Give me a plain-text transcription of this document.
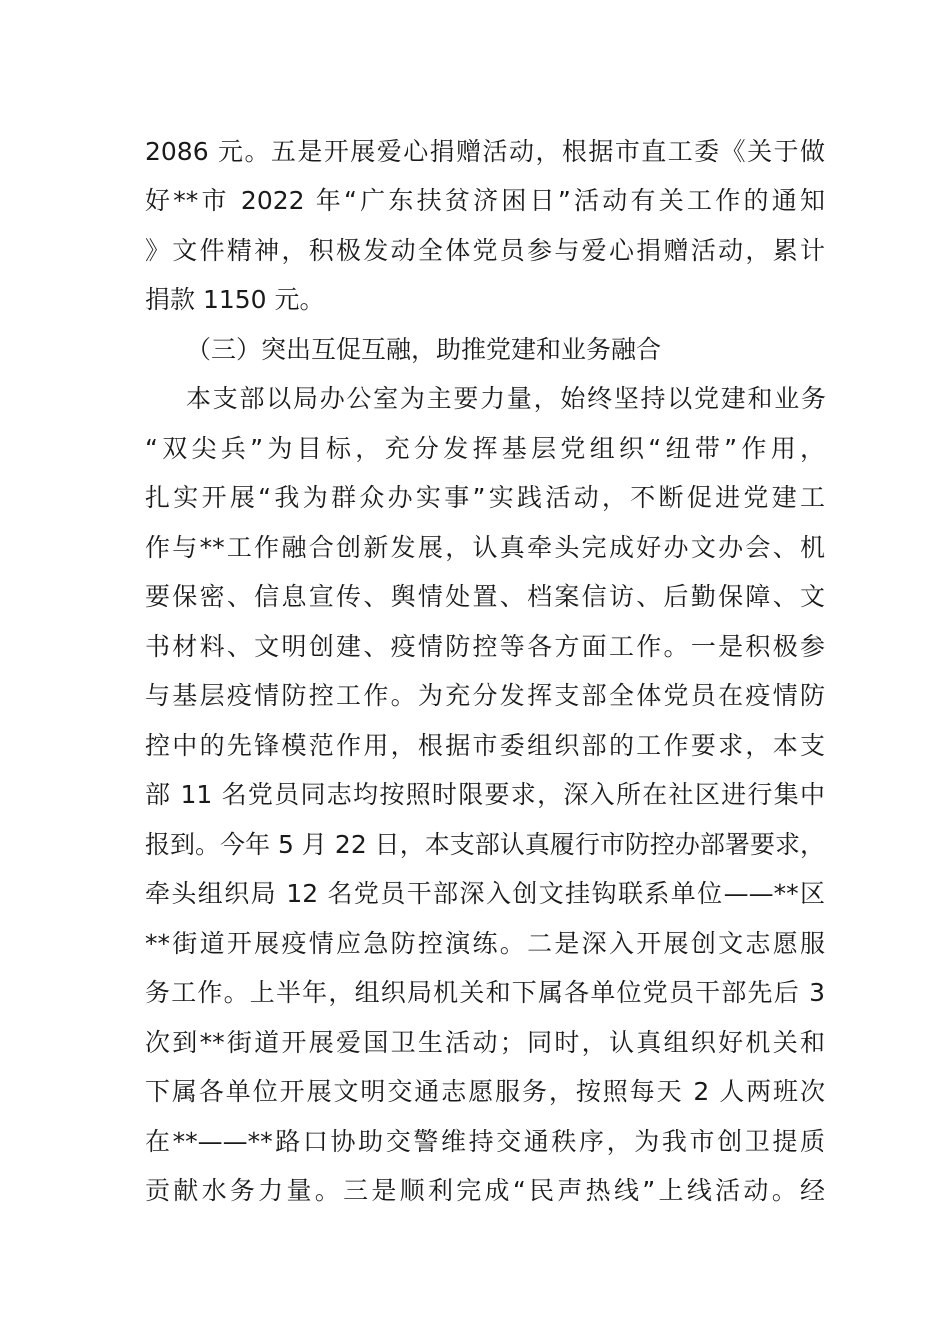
2086 元。五是开展爱心捐赠活动，根据市直工委《关于做
好**市 2022 年“广东扶贫济困日”活动有关工作的通知
》文件精神，积极发动全体党员参与爱心捐赠活动，累计
捐款 1150 元。
（三）突出互促互融，助推党建和业务融合
本支部以局办公室为主要力量，始终坚持以党建和业务
“双尖兵”为目标，充分发挥基层党组织“纽带”作用，
扎实开展“我为群众办实事”实践活动，不断促进党建工
作与**工作融合创新发展，认真牵头完成好办文办会、机
要保密、信息宣传、舆情处置、档案信访、后勤保障、文
书材料、文明创建、疫情防控等各方面工作。一是积极参
与基层疫情防控工作。为充分发挥支部全体党员在疫情防
控中的先锋模范作用，根据市委组织部的工作要求，本支
部 11 名党员同志均按照时限要求，深入所在社区进行集中
报到。今年 5 月 22 日，本支部认真履行市防控办部署要求，
牵头组织局 12 名党员干部深入创文挂钩联系单位——**区
**街道开展疫情应急防控演练。二是深入开展创文志愿服
务工作。上半年，组织局机关和下属各单位党员干部先后 3
次到**街道开展爱国卫生活动；同时，认真组织好机关和
下属各单位开展文明交通志愿服务，按照每天 2 人两班次
在**——**路口协助交警维持交通秩序，为我市创卫提质
贡献水务力量。三是顺利完成“民声热线”上线活动。经
